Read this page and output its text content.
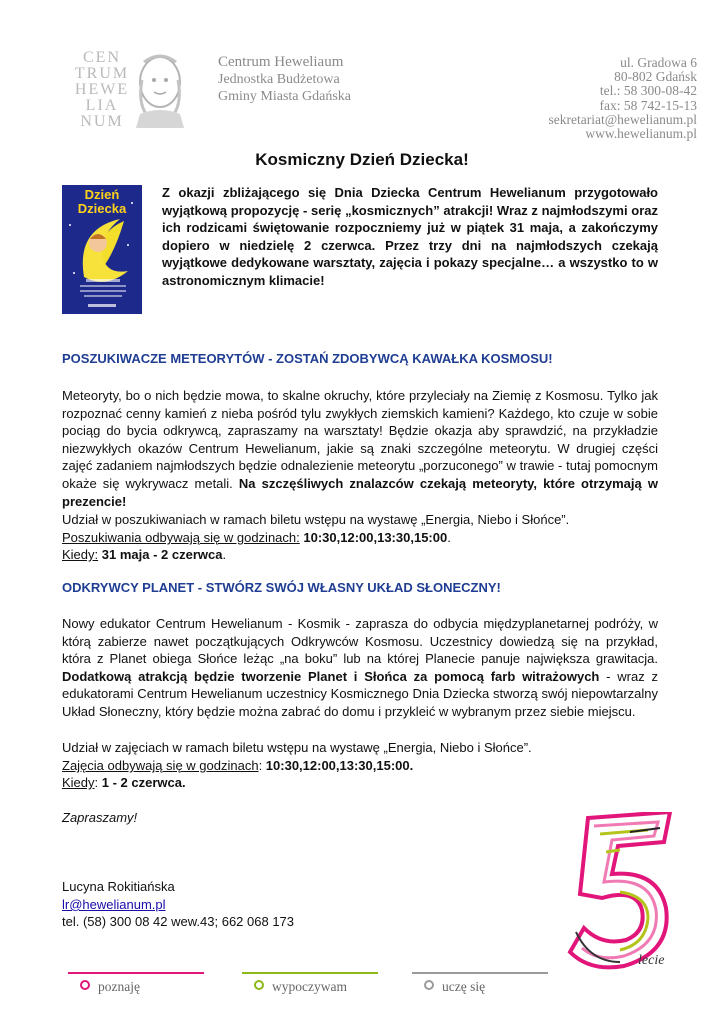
CEN
TRUM
HEWE
LIA
NUM
Centrum Heweliaum
Jednostka Budżetowa
Gminy Miasta Gdańska
ul. Gradowa 6
80-802 Gdańsk
tel.: 58 300-08-42
fax: 58 742-15-13
sekretariat@hewelianum.pl
www.hewelianum.pl
Kosmiczny Dzień Dziecka!
Dzień
Dziecka
Z okazji zbliżającego się Dnia Dziecka Centrum Hewelianum przygotowało wyjątkową propozycję - serię „kosmicznych” atrakcji! Wraz z najmłodszymi oraz ich rodzicami świętowanie rozpoczniemy już w piątek 31 maja, a zakończymy dopiero w niedzielę 2 czerwca. Przez trzy dni na najmłodszych czekają wyjątkowe dedykowane warsztaty, zajęcia i pokazy specjalne… a wszystko to w astronomicznym klimacie!
POSZUKIWACZE METEORYTÓW - ZOSTAŃ ZDOBYWCĄ KAWAŁKA KOSMOSU!
Meteoryty, bo o nich będzie mowa, to skalne okruchy, które przyleciały na Ziemię z Kosmosu. Tylko jak rozpoznać cenny kamień z nieba pośród tylu zwykłych ziemskich kamieni? Każdego, kto czuje w sobie pociąg do bycia odkrywcą, zapraszamy na warsztaty! Będzie okazja aby sprawdzić, na przykładzie niezwykłych okazów Centrum Hewelianum, jakie są znaki szczególne meteorytu. W drugiej części zajęć zadaniem najmłodszych będzie odnalezienie meteorytu „porzuconego” w trawie - tutaj pomocnym okaże się wykrywacz metali. Na szczęśliwych znalazców czekają meteoryty, które otrzymają w prezencie!
Udział w poszukiwaniach w ramach biletu wstępu na wystawę „Energia, Niebo i Słońce”.
Poszukiwania odbywają się w godzinach: 10:30,12:00,13:30,15:00.
Kiedy: 31 maja - 2 czerwca.
ODKRYWCY PLANET - STWÓRZ SWÓJ WŁASNY UKŁAD SŁONECZNY!
Nowy edukator Centrum Hewelianum - Kosmik - zaprasza do odbycia międzyplanetarnej podróży, w którą zabierze nawet początkujących Odkrywców Kosmosu. Uczestnicy dowiedzą się na przykład, która z Planet obiega Słońce leżąc „na boku” lub na której Planecie panuje największa grawitacja. Dodatkową atrakcją będzie tworzenie Planet i Słońca za pomocą farb witrażowych - wraz z edukatorami Centrum Hewelianum uczestnicy Kosmicznego Dnia Dziecka stworzą swój niepowtarzalny Układ Słoneczny, który będzie można zabrać do domu i przykleić w wybranym przez siebie miejscu.
Udział w zajęciach w ramach biletu wstępu na wystawę „Energia, Niebo i Słońce”.
Zajęcia odbywają się w godzinach: 10:30,12:00,13:30,15:00.
Kiedy: 1 - 2 czerwca.
Zapraszamy!
Lucyna Rokitiańska
lr@hewelianum.pl
tel. (58) 300 08 42 wew.43; 662 068 173
lecie
poznaję	wypoczywam	uczę się
